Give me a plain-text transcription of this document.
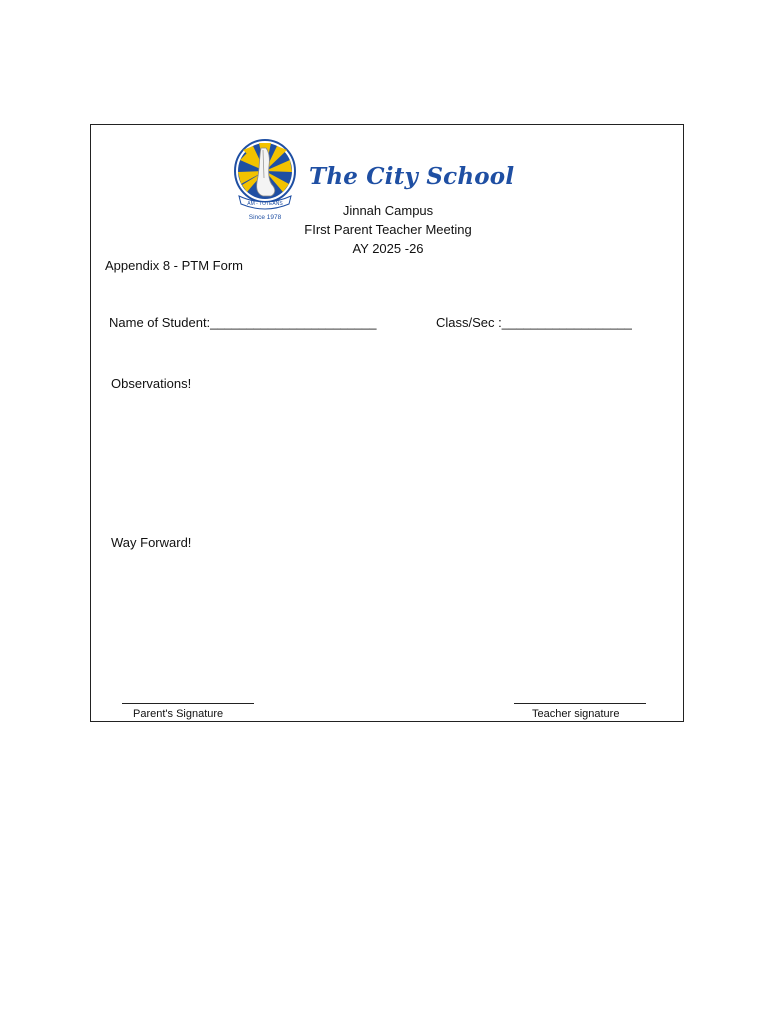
AM - TOTEANS
Since 1978
The City School
Jinnah Campus
FIrst Parent Teacher Meeting
AY 2025 -26
Appendix 8 - PTM Form
Name of Student:_______________________	Class/Sec :__________________
Observations!
Way Forward!
Parent's Signature	Teacher signature
